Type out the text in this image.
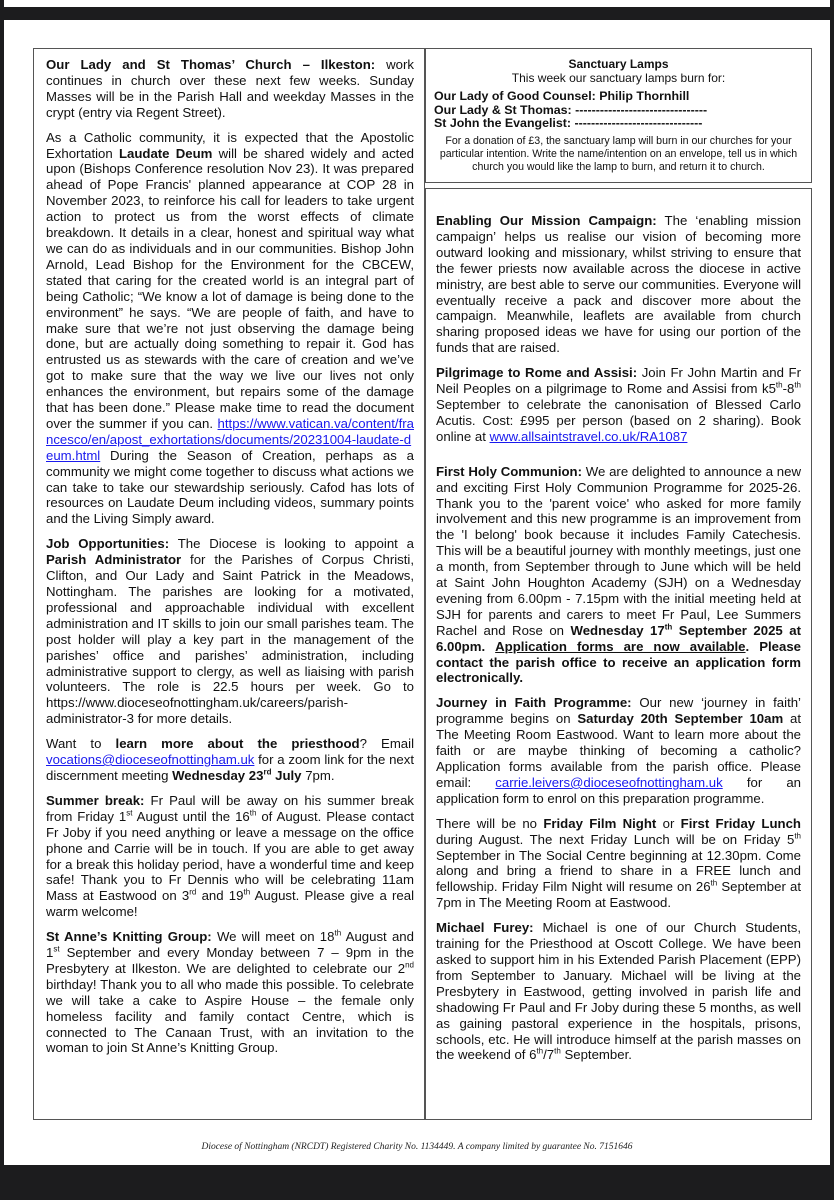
Our Lady and St Thomas’ Church – Ilkeston: work continues in church over these next few weeks. Sunday Masses will be in the Parish Hall and weekday Masses in the crypt (entry via Regent Street).

As a Catholic community, it is expected that the Apostolic Exhortation Laudate Deum will be shared widely and acted upon (Bishops Conference resolution Nov 23). It was prepared ahead of Pope Francis' planned appearance at COP 28 in November 2023, to reinforce his call for leaders to take urgent action to protect us from the worst effects of climate breakdown. It details in a clear, honest and spiritual way what we can do as individuals and in our communities. Bishop John Arnold, Lead Bishop for the Environment for the CBCEW, stated that caring for the created world is an integral part of being Catholic; “We know a lot of damage is being done to the environment” he says. “We are people of faith, and have to make sure that we’re not just observing the damage being done, but are actually doing something to repair it. God has entrusted us as stewards with the care of creation and we’ve got to make sure that the way we live our lives not only enhances the environment, but repairs some of the damage that has been done.” Please make time to read the document over the summer if you can. https://www.vatican.va/content/francesco/en/apost_exhortations/documents/20231004-laudate-deum.html During the Season of Creation, perhaps as a community we might come together to discuss what actions we can take to take our stewardship seriously. Cafod has lots of resources on Laudate Deum including videos, summary points and the Living Simply award.

Job Opportunities: The Diocese is looking to appoint a Parish Administrator for the Parishes of Corpus Christi, Clifton, and Our Lady and Saint Patrick in the Meadows, Nottingham. The parishes are looking for a motivated, professional and approachable individual with excellent administration and IT skills to join our small parishes team. The post holder will play a key part in the management of the parishes’ office and parishes’ administration, including administrative support to clergy, as well as liaising with parish volunteers. The role is 22.5 hours per week. Go to https://www.dioceseofnottingham.uk/careers/parish-administrator-3 for more details.

Want to learn more about the priesthood? Email vocations@dioceseofnottingham.uk for a zoom link for the next discernment meeting Wednesday 23rd July 7pm.

Summer break: Fr Paul will be away on his summer break from Friday 1st August until the 16th of August. Please contact Fr Joby if you need anything or leave a message on the office phone and Carrie will be in touch. If you are able to get away for a break this holiday period, have a wonderful time and keep safe! Thank you to Fr Dennis who will be celebrating 11am Mass at Eastwood on 3rd and 19th August. Please give a real warm welcome!

St Anne’s Knitting Group: We will meet on 18th August and 1st September and every Monday between 7 – 9pm in the Presbytery at Ilkeston. We are delighted to celebrate our 2nd birthday! Thank you to all who made this possible. To celebrate we will take a cake to Aspire House – the female only homeless facility and family contact Centre, which is connected to The Canaan Trust, with an invitation to the woman to join St Anne’s Knitting Group.

Sanctuary Lamps
This week our sanctuary lamps burn for:
Our Lady of Good Counsel: Philip Thornhill
Our Lady & St Thomas: --------------------------------
St John the Evangelist: -------------------------------
For a donation of £3, the sanctuary lamp will burn in our churches for your particular intention. Write the name/intention on an envelope, tell us in which church you would like the lamp to burn, and return it to church.

Enabling Our Mission Campaign: The ‘enabling mission campaign’ helps us realise our vision of becoming more outward looking and missionary, whilst striving to ensure that the fewer priests now available across the diocese in active ministry, are best able to serve our communities. Everyone will eventually receive a pack and discover more about the campaign. Meanwhile, leaflets are available from church sharing proposed ideas we have for using our portion of the funds that are raised.

Pilgrimage to Rome and Assisi: Join Fr John Martin and Fr Neil Peoples on a pilgrimage to Rome and Assisi from k5th-8th September to celebrate the canonisation of Blessed Carlo Acutis. Cost: £995 per person (based on 2 sharing). Book online at www.allsaintstravel.co.uk/RA1087

First Holy Communion: We are delighted to announce a new and exciting First Holy Communion Programme for 2025-26. Thank you to the 'parent voice' who asked for more family involvement and this new programme is an improvement from the 'I belong' book because it includes Family Catechesis. This will be a beautiful journey with monthly meetings, just one a month, from September through to June which will be held at Saint John Houghton Academy (SJH) on a Wednesday evening from 6.00pm - 7.15pm with the initial meeting held at SJH for parents and carers to meet Fr Paul, Lee Summers Rachel and Rose on Wednesday 17th September 2025 at 6.00pm. Application forms are now available. Please contact the parish office to receive an application form electronically.

Journey in Faith Programme: Our new ‘journey in faith’ programme begins on Saturday 20th September 10am at The Meeting Room Eastwood. Want to learn more about the faith or are maybe thinking of becoming a catholic? Application forms available from the parish office. Please email: carrie.leivers@dioceseofnottingham.uk for an application form to enrol on this preparation programme.

There will be no Friday Film Night or First Friday Lunch during August. The next Friday Lunch will be on Friday 5th September in The Social Centre beginning at 12.30pm. Come along and bring a friend to share in a FREE lunch and fellowship. Friday Film Night will resume on 26th September at 7pm in The Meeting Room at Eastwood.

Michael Furey: Michael is one of our Church Students, training for the Priesthood at Oscott College. We have been asked to support him in his Extended Parish Placement (EPP) from September to January. Michael will be living at the Presbytery in Eastwood, getting involved in parish life and shadowing Fr Paul and Fr Joby during these 5 months, as well as gaining pastoral experience in the hospitals, prisons, schools, etc. He will introduce himself at the parish masses on the weekend of 6th/7th September.

Diocese of Nottingham (NRCDT) Registered Charity No. 1134449. A company limited by guarantee No. 7151646
